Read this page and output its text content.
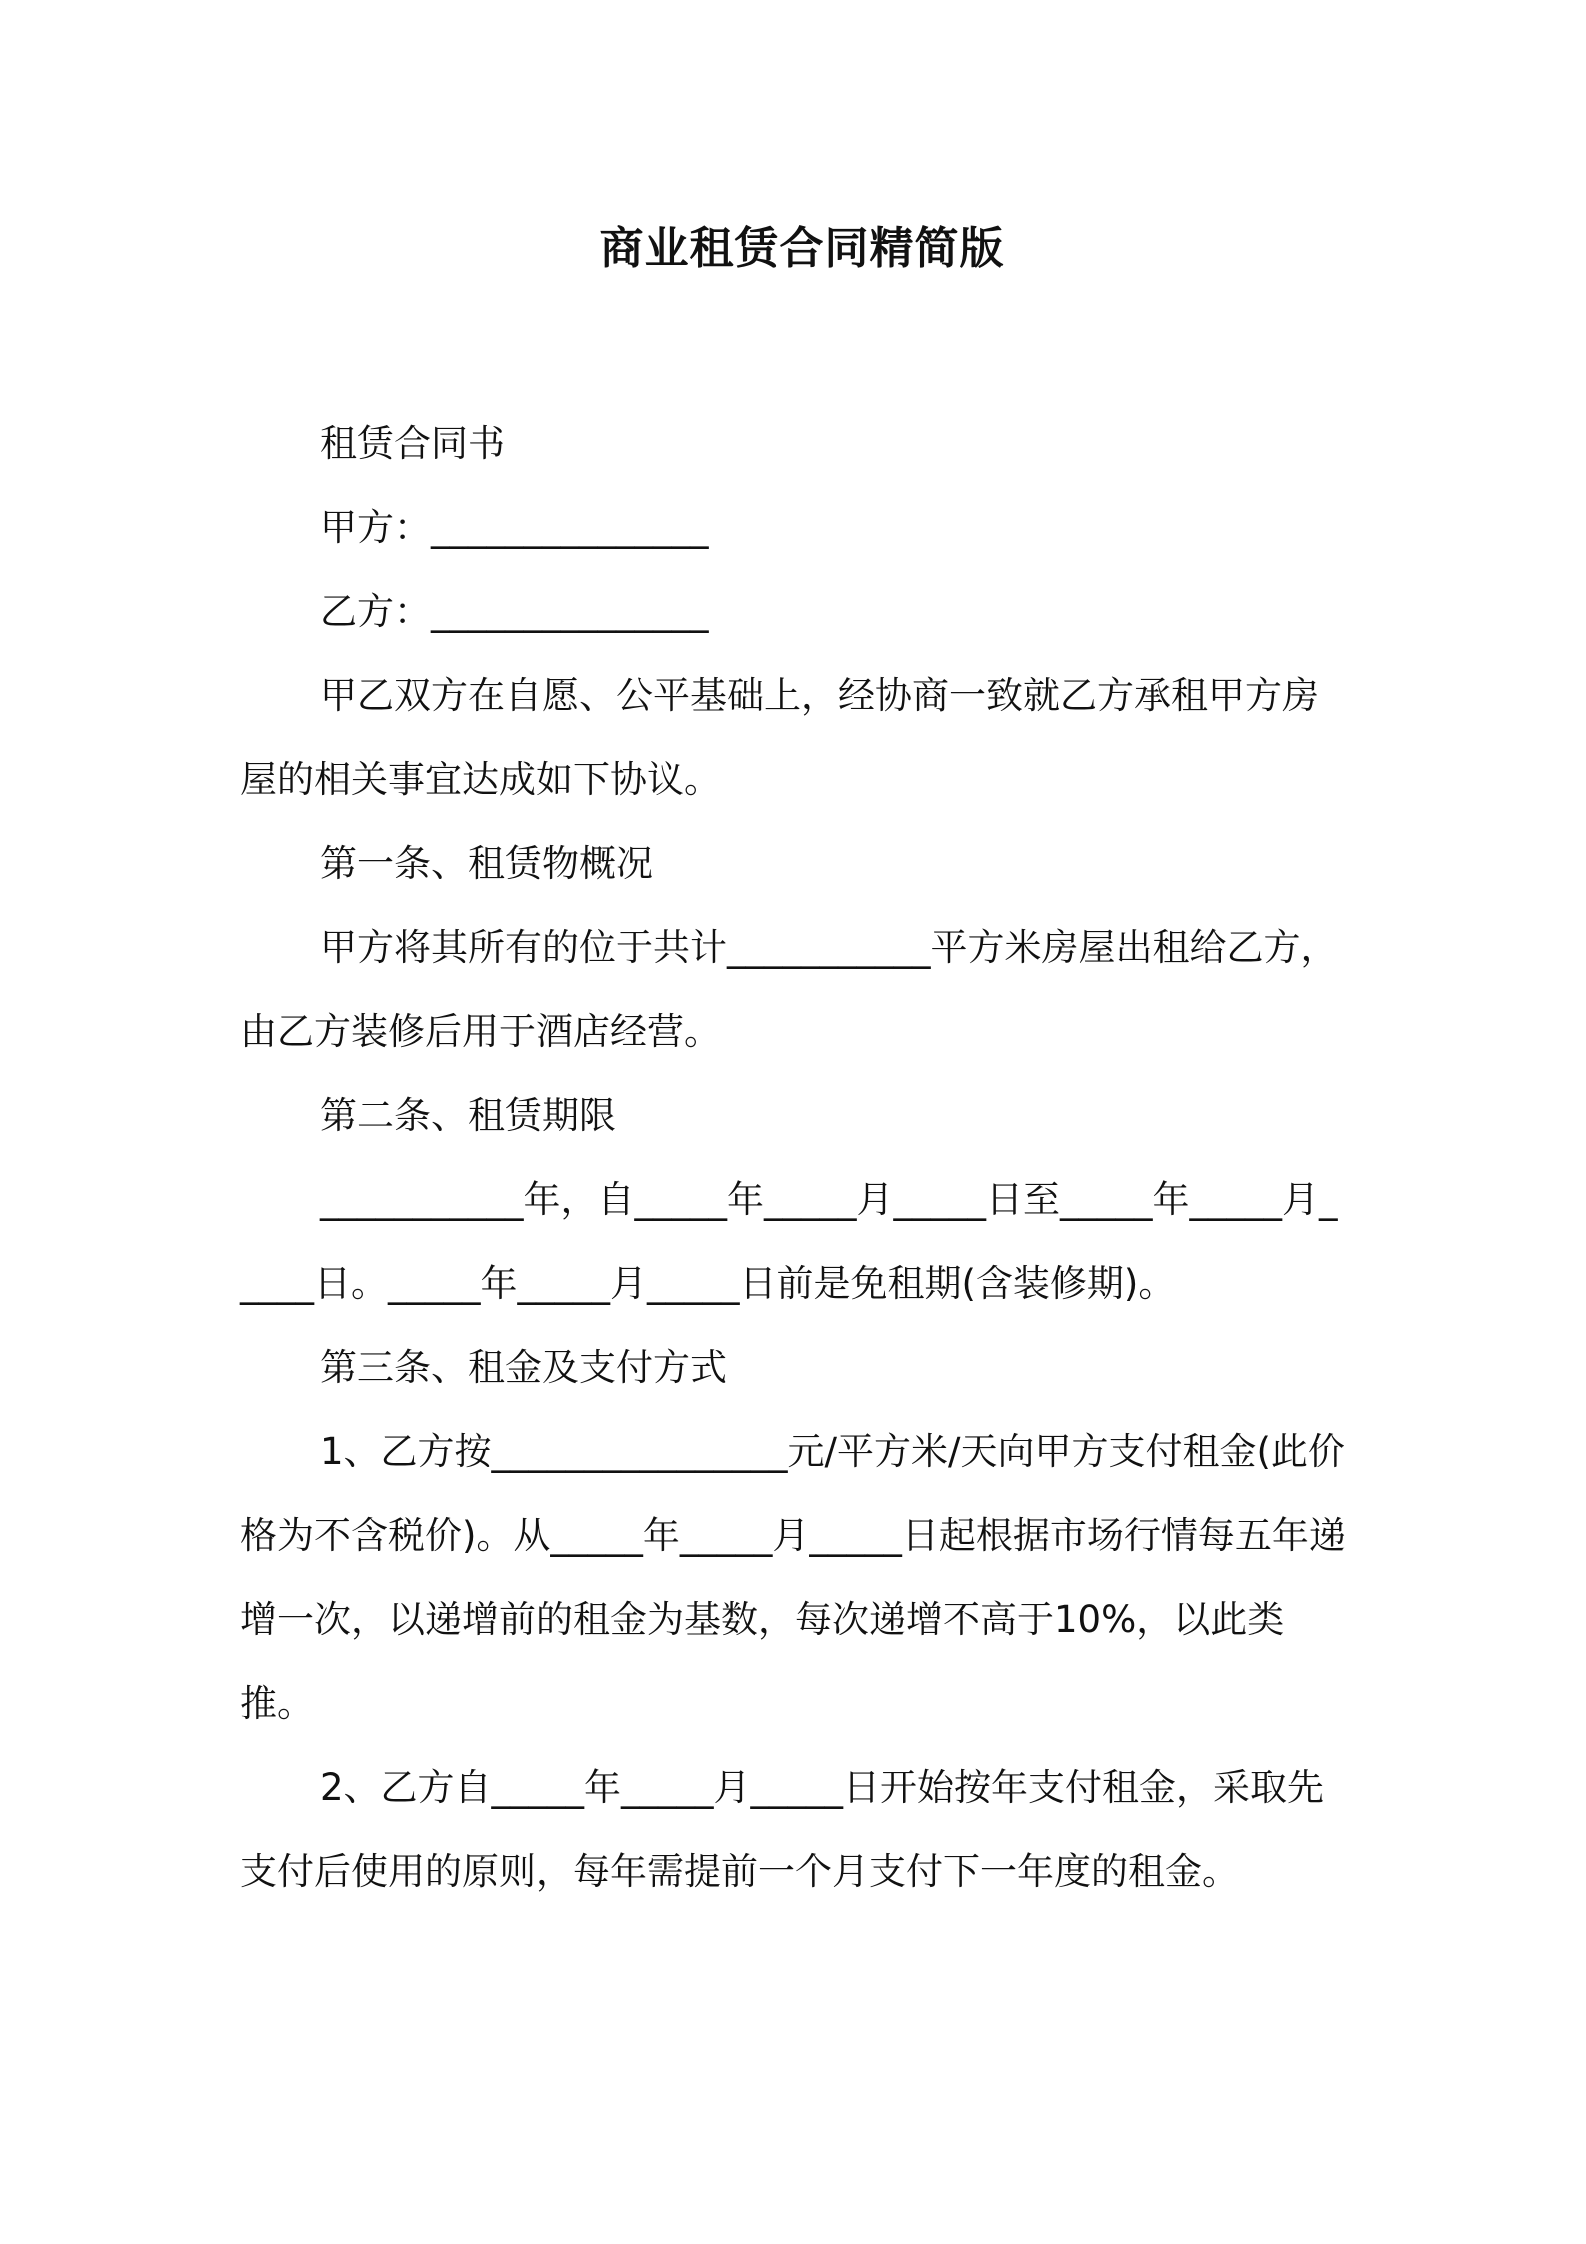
商业租赁合同精简版

租赁合同书

甲方：_______________

乙方：_______________

甲乙双方在自愿、公平基础上，经协商一致就乙方承租甲方房屋的相关事宜达成如下协议。

第一条、租赁物概况

甲方将其所有的位于共计___________平方米房屋出租给乙方，由乙方装修后用于酒店经营。

第二条、租赁期限

___________年，自_____年_____月_____日至_____年_____月_____日。_____年_____月_____日前是免租期(含装修期)。

第三条、租金及支付方式

1、乙方按________________元/平方米/天向甲方支付租金(此价格为不含税价)。从_____年_____月_____日起根据市场行情每五年递增一次，以递增前的租金为基数，每次递增不高于10%，以此类推。

2、乙方自_____年_____月_____日开始按年支付租金，采取先支付后使用的原则，每年需提前一个月支付下一年度的租金。
